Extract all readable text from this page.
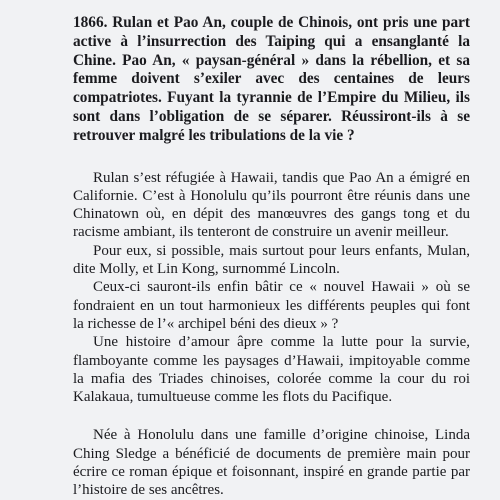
1866. Rulan et Pao An, couple de Chinois, ont pris une part active à l’insurrection des Taiping qui a ensanglanté la Chine. Pao An, « paysan-général » dans la rébellion, et sa femme doivent s’exiler avec des centaines de leurs compatriotes. Fuyant la tyrannie de l’Empire du Milieu, ils sont dans l’obligation de se séparer. Réussiront-ils à se retrouver malgré les tribulations de la vie ?

Rulan s’est réfugiée à Hawaii, tandis que Pao An a émigré en Californie. C’est à Honolulu qu’ils pourront être réunis dans une Chinatown où, en dépit des manœuvres des gangs tong et du racisme ambiant, ils tenteront de construire un avenir meilleur.

Pour eux, si possible, mais surtout pour leurs enfants, Mulan, dite Molly, et Lin Kong, surnommé Lincoln.

Ceux-ci sauront-ils enfin bâtir ce « nouvel Hawaii » où se fondraient en un tout harmonieux les différents peuples qui font la richesse de l’« archipel béni des dieux » ?

Une histoire d’amour âpre comme la lutte pour la survie, flamboyante comme les paysages d’Hawaii, impitoyable comme la mafia des Triades chinoises, colorée comme la cour du roi Kalakaua, tumultueuse comme les flots du Pacifique.

Née à Honolulu dans une famille d’origine chinoise, Linda Ching Sledge a bénéficié de documents de première main pour écrire ce roman épique et foisonnant, inspiré en grande partie par l’histoire de ses ancêtres.
